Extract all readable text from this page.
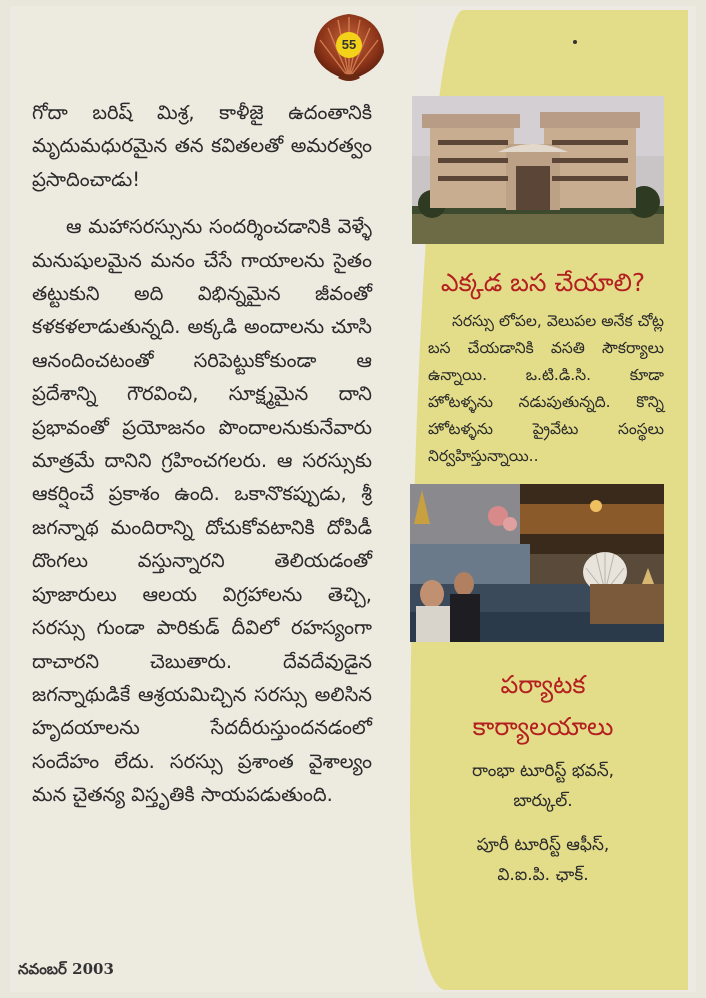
55

గోదా బరిష్ మిశ్ర, కాళీజై ఉదంతానికి మృదుమధురమైన తన కవితలతో అమరత్వం ప్రసాదించాడు!

ఆ మహాసరస్సును సందర్శించడానికి వెళ్ళే మనుషులమైన మనం చేసే గాయాలను సైతం తట్టుకుని అది విభిన్నమైన జీవంతో కళకళలాడుతున్నది. అక్కడి అందాలను చూసి ఆనందించటంతో సరిపెట్టుకోకుండా ఆ ప్రదేశాన్ని గౌరవించి, సూక్ష్మమైన దాని ప్రభావంతో ప్రయోజనం పొందాలనుకునేవారు మాత్రమే దానిని గ్రహించగలరు. ఆ సరస్సుకు ఆకర్షించే ప్రకాశం ఉంది. ఒకానొకప్పుడు, శ్రీ జగన్నాథ మందిరాన్ని దోచుకోవటానికి దోపిడీ దొంగలు వస్తున్నారని తెలియడంతో పూజారులు ఆలయ విగ్రహాలను తెచ్చి, సరస్సు గుండా పారికుడ్ దీవిలో రహస్యంగా దాచారని చెబుతారు. దేవదేవుడైన జగన్నాథుడికే ఆశ్రయమిచ్చిన సరస్సు అలిసిన హృదయాలను సేదదీరుస్తుందనడంలో సందేహం లేదు. సరస్సు ప్రశాంత వైశాల్యం మన చైతన్య విస్తృతికి సాయపడుతుంది.

ఎక్కడ బస చేయాలి?

సరస్సు లోపల, వెలుపల అనేక చోట్ల బస చేయడానికి వసతి సౌకర్యాలు ఉన్నాయి. ఒ.టి.డి.సి. కూడా హోటళ్ళను నడుపుతున్నది. కొన్ని హోటళ్ళను ప్రైవేటు సంస్థలు నిర్వహిస్తున్నాయి..

పర్యాటక
కార్యాలయాలు
రాంభా టూరిస్ట్ భవన్,
బార్కుల్.
పూరీ టూరిస్ట్ ఆఫీస్,
వి.ఐ.పి. ఛాక్.
నవంబర్ 2003
